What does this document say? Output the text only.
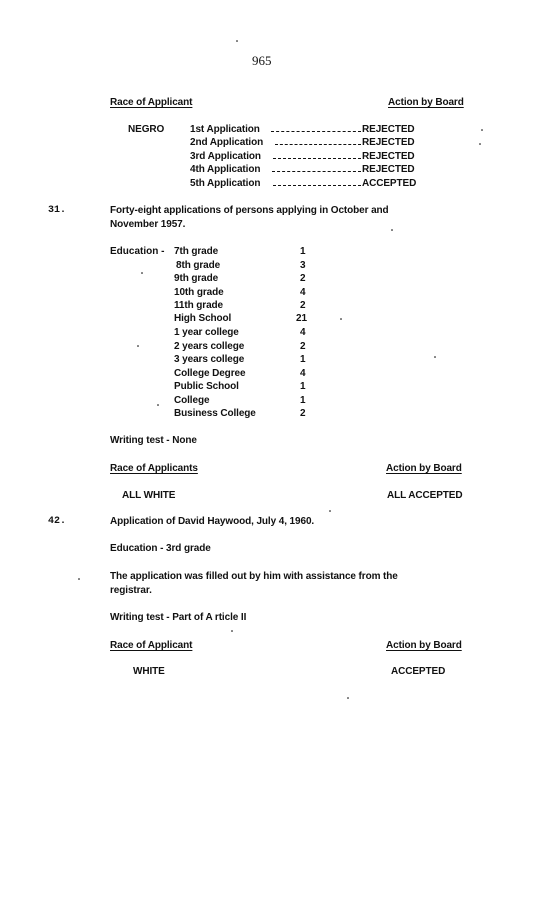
965
Race of Applicant	Action by Board
NEGRO	1st Application	REJECTED
2nd Application	REJECTED
3rd Application	REJECTED
4th Application	REJECTED
5th Application	ACCEPTED
31.	Forty-eight applications of persons applying in October and
November 1957.
Education - 7th grade	1
8th grade	3
9th grade	2
10th grade	4
11th grade	2
High School	21
1 year college	4
2 years college	2
3 years college	1
College Degree	4
Public School	1
College	1
Business College	2
Writing test - None
Race of Applicants	Action by Board
ALL WHITE	ALL ACCEPTED
42.	Application of David Haywood, July 4, 1960.
Education - 3rd grade
The application was filled out by him with assistance from the
registrar.
Writing test - Part of A rticle II
Race of Applicant	Action by Board
WHITE	ACCEPTED
